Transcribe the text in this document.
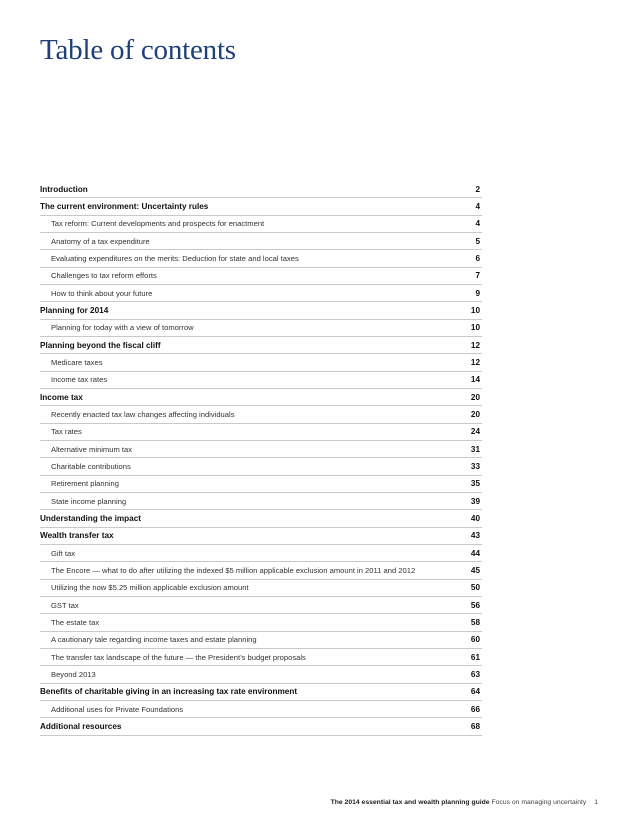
Table of contents
Introduction	2
The current environment: Uncertainty rules	4
Tax reform: Current developments and prospects for enactment	4
Anatomy of a tax expenditure	5
Evaluating expenditures on the merits: Deduction for state and local taxes	6
Challenges to tax reform efforts	7
How to think about your future	9
Planning for 2014	10
Planning for today with a view of tomorrow	10
Planning beyond the fiscal cliff	12
Medicare taxes	12
Income tax rates	14
Income tax	20
Recently enacted tax law changes affecting individuals	20
Tax rates	24
Alternative minimum tax	31
Charitable contributions	33
Retirement planning	35
State income planning	39
Understanding the impact	40
Wealth transfer tax	43
Gift tax	44
The Encore — what to do after utilizing the indexed $5 million applicable exclusion amount in 2011 and 2012	45
Utilizing the now $5.25 million applicable exclusion amount	50
GST tax	56
The estate tax	58
A cautionary tale regarding income taxes and estate planning	60
The transfer tax landscape of the future — the President’s budget proposals	61
Beyond 2013	63
Benefits of charitable giving in an increasing tax rate environment	64
Additional uses for Private Foundations	66
Additional resources	68
The 2014 essential tax and wealth planning guide Focus on managing uncertainty 1
